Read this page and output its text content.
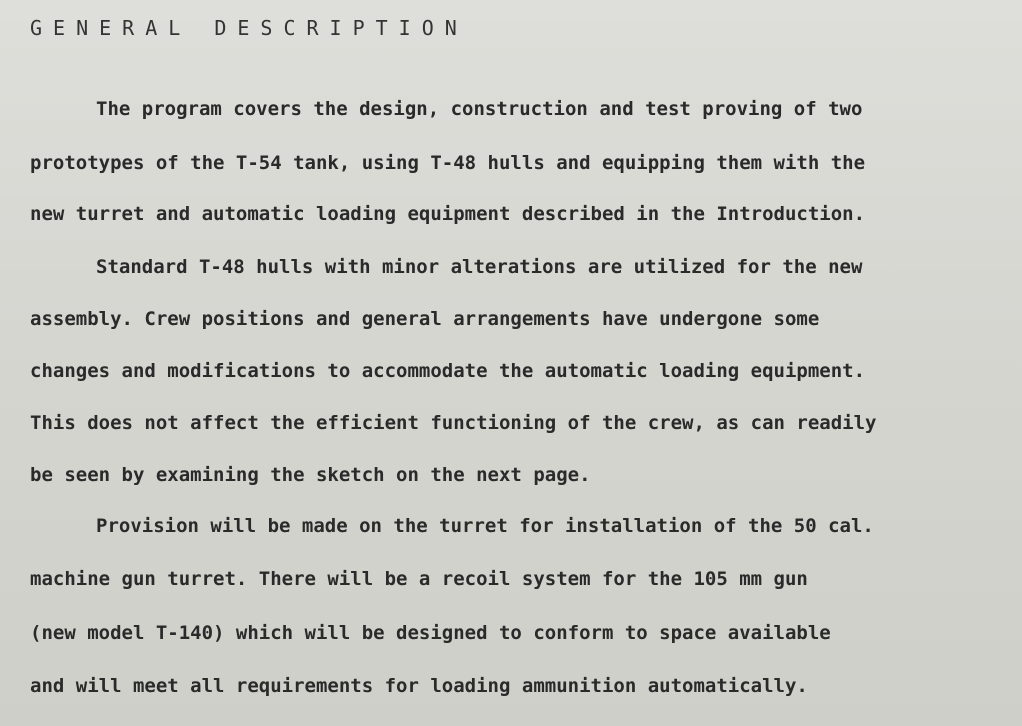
GENERAL DESCRIPTION
The program covers the design, construction and test proving of two
prototypes of the T-54 tank, using T-48 hulls and equipping them with the
new turret and automatic loading equipment described in the Introduction.
Standard T-48 hulls with minor alterations are utilized for the new
assembly. Crew positions and general arrangements have undergone some
changes and modifications to accommodate the automatic loading equipment.
This does not affect the efficient functioning of the crew, as can readily
be seen by examining the sketch on the next page.
Provision will be made on the turret for installation of the 50 cal.
machine gun turret. There will be a recoil system for the 105 mm gun
(new model T-140) which will be designed to conform to space available
and will meet all requirements for loading ammunition automatically.
